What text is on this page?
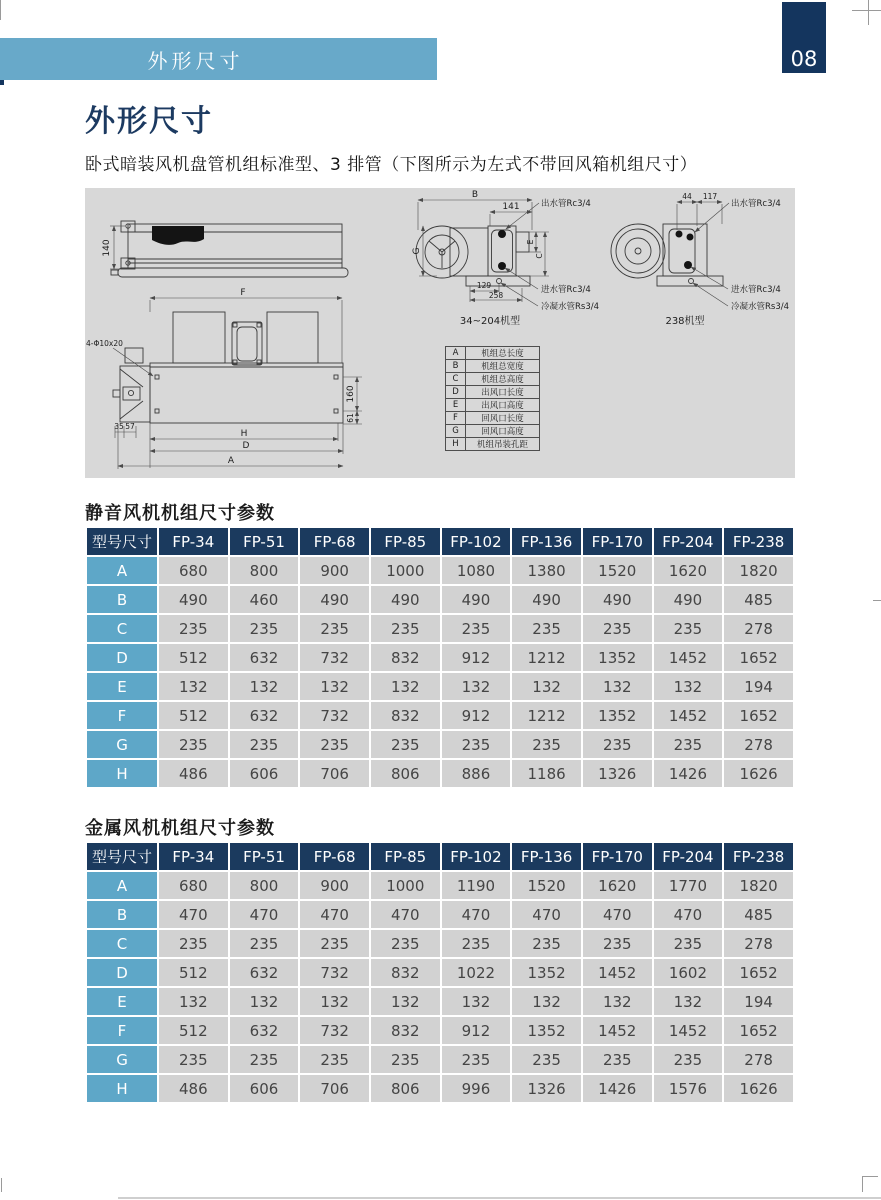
外形尺寸	08
外形尺寸

卧式暗装风机盘管机组标准型、3 排管（下图所示为左式不带回风箱机组尺寸）

140
F
4-Φ10x20
160
61
35 57
H
D
A
B
141
G
E
C
129
258
出水管Rc3/4
进水管Rc3/4
冷凝水管Rs3/4
34~204机型
44 117
出水管Rc3/4
进水管Rc3/4
冷凝水管Rs3/4
238机型
A	机组总长度
B	机组总宽度
C	机组总高度
D	出风口长度
E	出风口高度
F	回风口长度
G	回风口高度
H	机组吊装孔距
静音风机机组尺寸参数
型号尺寸	FP-34	FP-51	FP-68	FP-85	FP-102	FP-136	FP-170	FP-204	FP-238
A	680	800	900	1000	1080	1380	1520	1620	1820
B	490	460	490	490	490	490	490	490	485
C	235	235	235	235	235	235	235	235	278
D	512	632	732	832	912	1212	1352	1452	1652
E	132	132	132	132	132	132	132	132	194
F	512	632	732	832	912	1212	1352	1452	1652
G	235	235	235	235	235	235	235	235	278
H	486	606	706	806	886	1186	1326	1426	1626
金属风机机组尺寸参数
型号尺寸	FP-34	FP-51	FP-68	FP-85	FP-102	FP-136	FP-170	FP-204	FP-238
A	680	800	900	1000	1190	1520	1620	1770	1820
B	470	470	470	470	470	470	470	470	485
C	235	235	235	235	235	235	235	235	278
D	512	632	732	832	1022	1352	1452	1602	1652
E	132	132	132	132	132	132	132	132	194
F	512	632	732	832	912	1352	1452	1452	1652
G	235	235	235	235	235	235	235	235	278
H	486	606	706	806	996	1326	1426	1576	1626
